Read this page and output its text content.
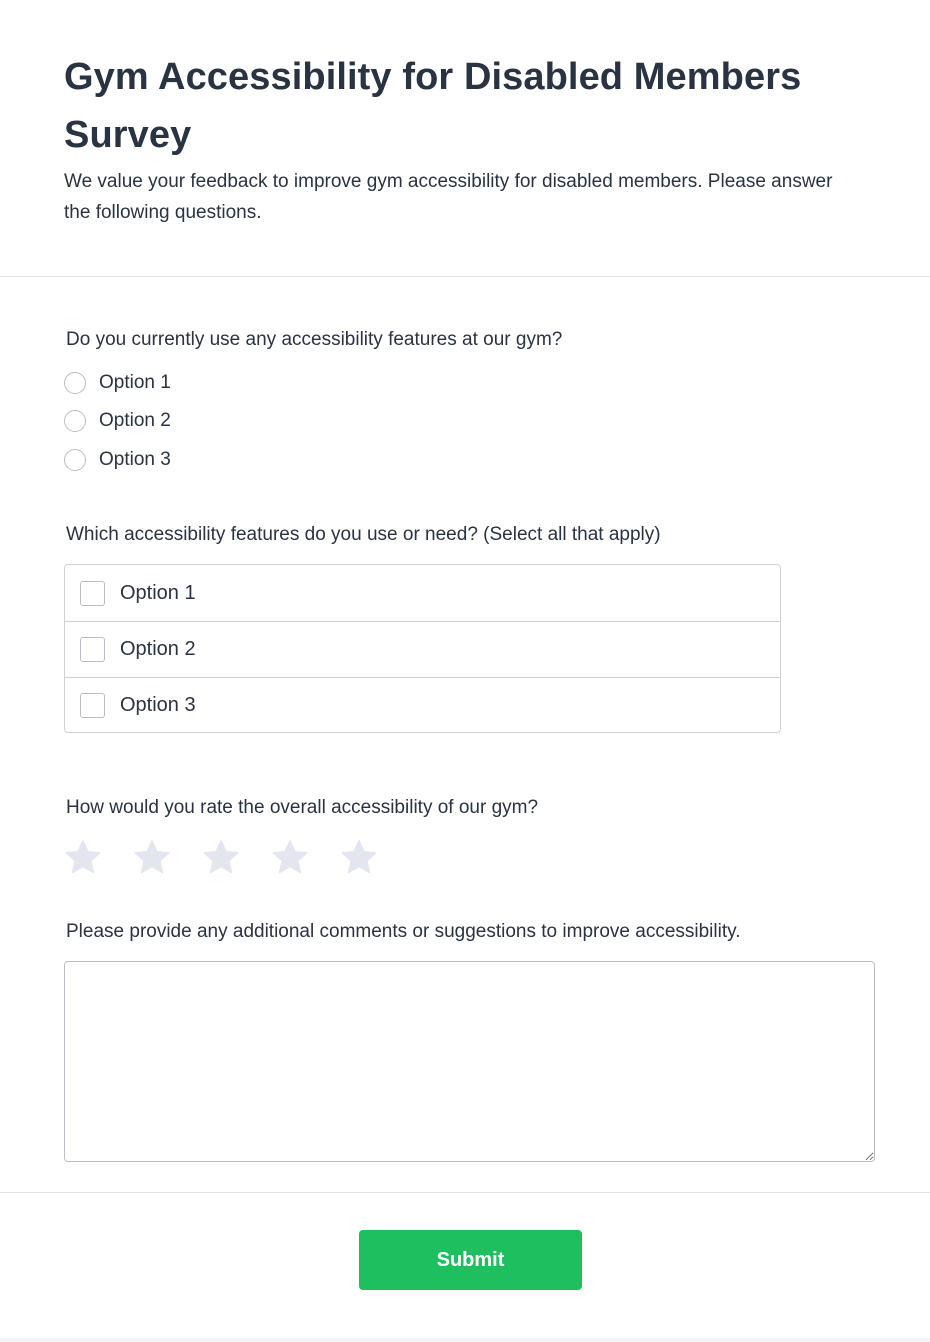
Gym Accessibility for Disabled Members Survey

We value your feedback to improve gym accessibility for disabled members. Please answer the following questions.

Do you currently use any accessibility features at our gym?

Option 1
Option 2
Option 3

Which accessibility features do you use or need? (Select all that apply)

Option 1
Option 2
Option 3

How would you rate the overall accessibility of our gym?

Please provide any additional comments or suggestions to improve accessibility.

Submit
